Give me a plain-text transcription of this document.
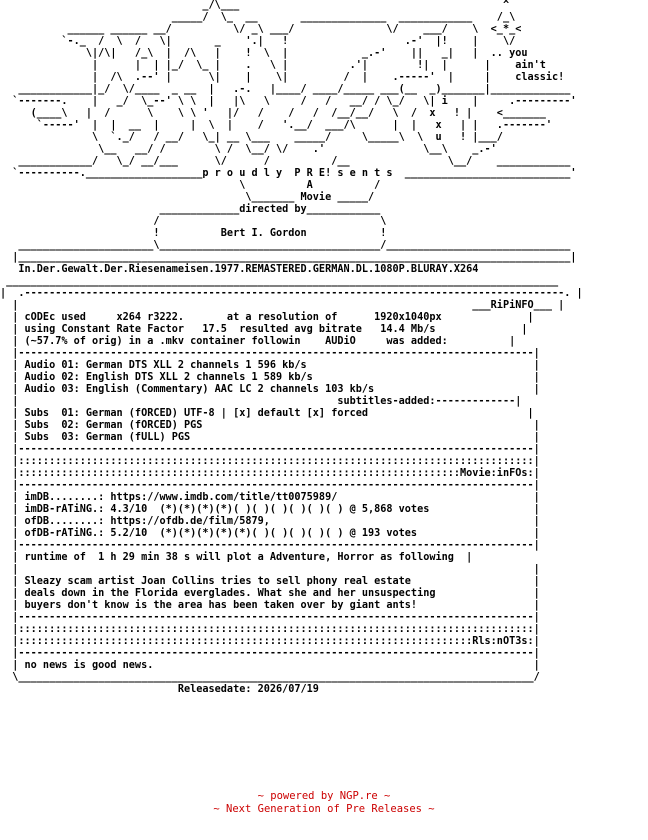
_/\___                                           ^
_____/  \_  __       ______________  ____________    /_\
______ ______ __/          \/ _\ ___/               \/    ___/    \  <_*_<
`-._  /  \  /   \|       _    '.|   !                   .-'  |!    |    \/
\|/\|   /_\  |  /\   |    !  \  |            _.-'    ||   _|   |  .. you
|      |  | |_/  \_ |    .   \ |          .'|        !|  |      |    ain't
|  /\  .--' |      \|    |    \|         /  |    .-----'  |     |    classic!
____________|_/  \/____  _ __  |   .-.   |____/ ____/_____ ___(__  _)_______|_____________
`-------.    |   _/  \_--' \ \  |   |\   \     /   /   __/ / \_/   \| i    |     .---------'
(____\   |  /      \    \ \ '   |/   /    /   /  /__/__/   \  /  x   ! |    <_______
`-----'  |  |  __  |     |  \  |    /   '.__/  ___/\      |  |   x   | |   .-------'
\  `._/   / __/   \_| __ \___    _____/     \_____\  \  u   ! |___/
\__   __/ /        \ /  \__/ \/    .'                \__\    _.-'
____________/   \_/ __/___      \/      /          /__                \__/    ____________
`----------.___________________p r o u d l y  P R E! s e n t s  ___________________________'
\          A          /
\_______ Movie _____/
_____________directed by____________
/                                    \
!          Bert I. Gordon            !
______________________\____________________________________/______________________________
|__________________________________________________________________________________________|
In.Der.Gewalt.Der.Riesenameisen.1977.REMASTERED.GERMAN.DL.1080P.BLURAY.X264
__________________________________________________________________________________________
|  .----------------------------------------------------------------------------------------. |
|                                                                          ___RiPiNFO___ |
| cODEc used     x264 r3222.       at a resolution of      1920x1040px              |
| using Constant Rate Factor   17.5  resulted avg bitrate   14.4 Mb/s              |
| (~57.7% of orig) in a .mkv container followin    AUDiO     was added:          |
|------------------------------------------------------------------------------------|
| Audio 01: German DTS XLL 2 channels 1 596 kb/s                                     |
| Audio 02: English DTS XLL 2 channels 1 589 kb/s                                    |
| Audio 03: English (Commentary) AAC LC 2 channels 103 kb/s                          |
|                                                    subtitles-added:-------------|
| Subs  01: German (fORCED) UTF-8 | [x] default [x] forced                          |
| Subs  02: German (fORCED) PGS                                                      |
| Subs  03: German (fULL) PGS                                                        |
|------------------------------------------------------------------------------------|
|::::::::::::::::::::::::::::::::::::::::::::::::::::::::::::::::::::::::::::::::::::|
|::::::::::::::::::::::::::::::::::::::::::::::::::::::::::::::::::::::::Movie:inFOs:|
|------------------------------------------------------------------------------------|
| imDB........: https://www.imdb.com/title/tt0075989/                                |
| imDB-rATiNG.: 4.3/10  (*)(*)(*)(*)( )( )( )( )( )( ) @ 5,868 votes                 |
| ofDB........: https://ofdb.de/film/5879,                                           |
| ofDB-rATiNG.: 5.2/10  (*)(*)(*)(*)(*)( )( )( )( )( ) @ 193 votes                   |
|------------------------------------------------------------------------------------|
| runtime of  1 h 29 min 38 s will plot a Adventure, Horror as following  |
|                                                                                    |
| Sleazy scam artist Joan Collins tries to sell phony real estate                    |
| deals down in the Florida everglades. What she and her unsuspecting                |
| buyers don't know is the area has been taken over by giant ants!                   |
|------------------------------------------------------------------------------------|
|::::::::::::::::::::::::::::::::::::::::::::::::::::::::::::::::::::::::::::::::::::|
|::::::::::::::::::::::::::::::::::::::::::::::::::::::::::::::::::::::::::Rls:nOT3s:|
|------------------------------------------------------------------------------------|
| no news is good news.                                                              |
\____________________________________________________________________________________/
Releasedate: 2026/07/19
~ powered by NGP.re ~
~ Next Generation of Pre Releases ~
